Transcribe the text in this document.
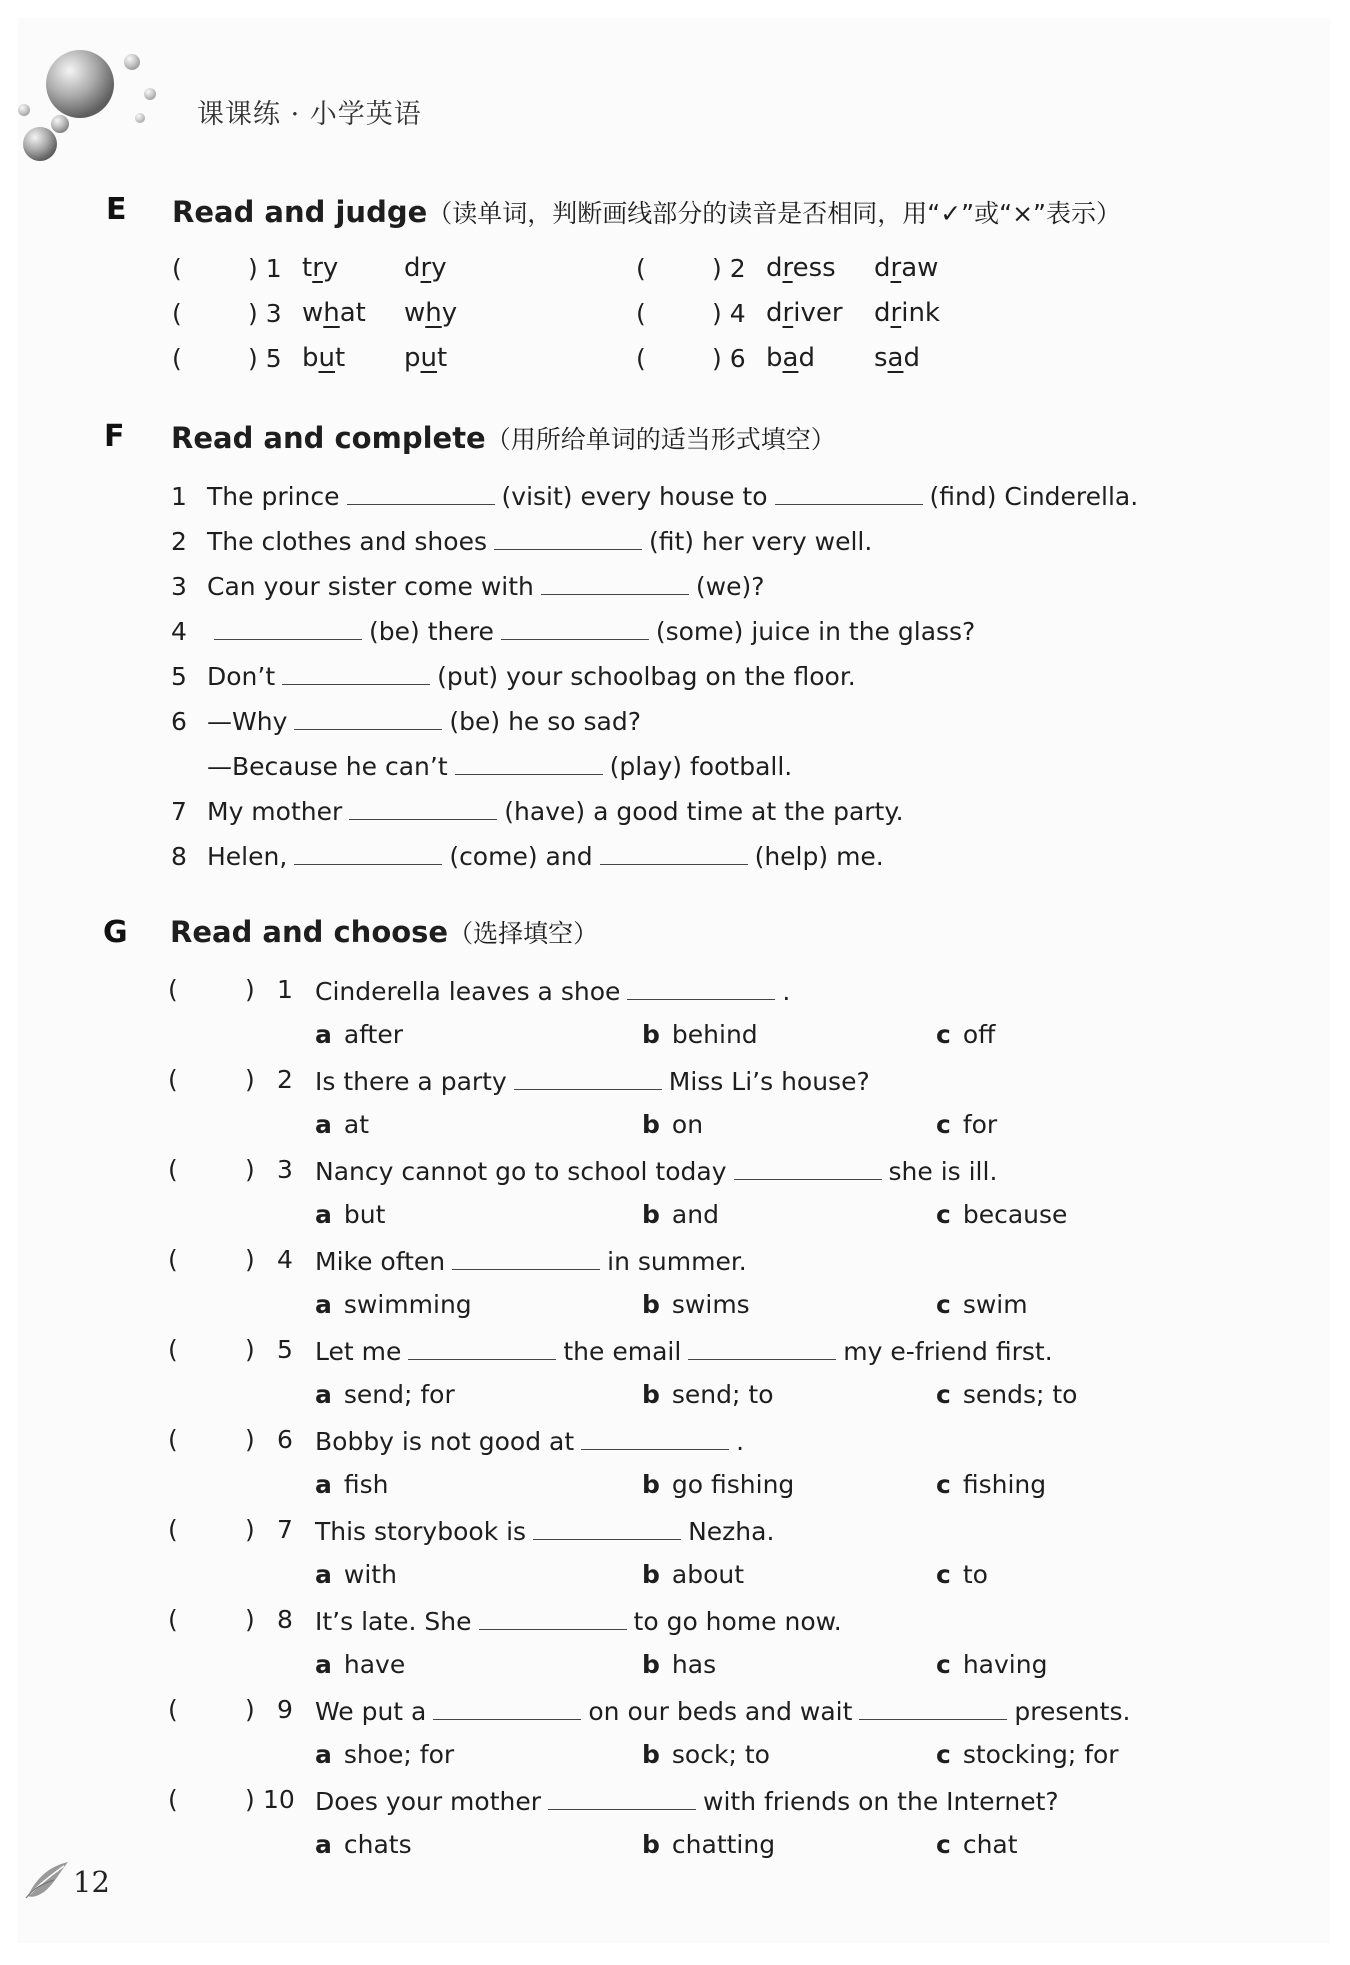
课课练 · 小学英语
E Read and judge（读单词，判断画线部分的读音是否相同，用“✓”或“×”表示）
(	) 1 try	dry	(	) 2 dress draw
(	) 3 what why	(	) 4 driver drink
(	) 5 but put	(	) 6 bad sad
F Read and complete（用所给单词的适当形式填空）
1 The prince	(visit) every house to	(find) Cinderella.
2 The clothes and shoes	(fit) her very well.
3 Can your sister come with	(we)?
4	(be) there	(some) juice in the glass?
5 Don’t	(put) your schoolbag on the floor.
6 —Why	(be) he so sad?
—Because he can’t	(play) football.
7 My mother	(have) a good time at the party.
8 Helen,	(come) and	(help) me.
G Read and choose（选择填空）
(	) 1 Cinderella leaves a shoe	.
a after	b behind	c off
(	) 2 Is there a party	Miss Li’s house?
a at	b on	c for
(	) 3 Nancy cannot go to school today	she is ill.
a but	b and	c because
(	) 4 Mike often	in summer.
a swimming	b swims	c swim
(	) 5 Let me	the email	my e-friend first.
a send; for	b send; to	c sends; to
(	) 6 Bobby is not good at	.
a fish	b go fishing	c fishing
(	) 7 This storybook is	Nezha.
a with	b about	c to
(	) 8 It’s late. She	to go home now.
a have	b has	c having
(	) 9 We put a	on our beds and wait	presents.
a shoe; for	b sock; to	c stocking; for
(	) 10 Does your mother	with friends on the Internet?
a chats	b chatting	c chat
12
